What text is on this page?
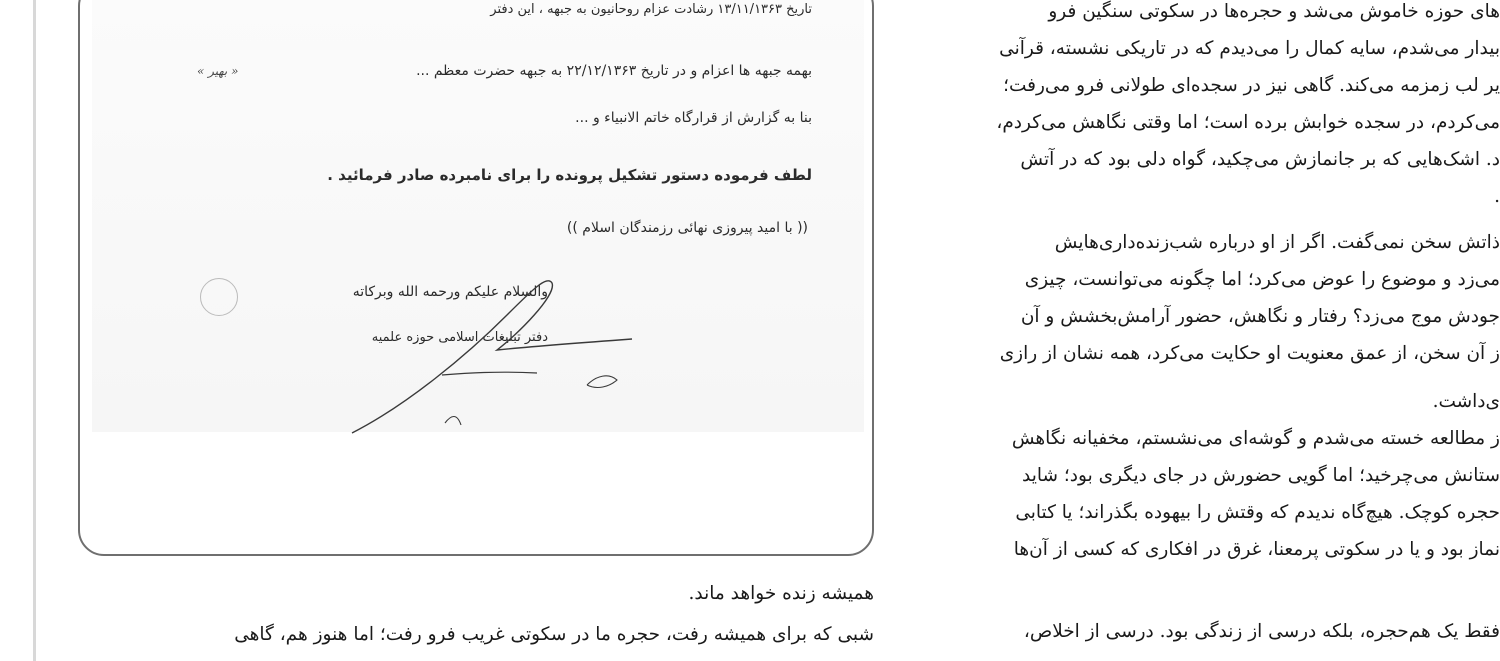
تاریخ ۱۳/۱۱/۱۳۶۳ رشادت عزام روحانیون به جبهه ، این دفتر
بهمه جبهه ها اعزام و در تاریخ ۲۲/۱۲/۱۳۶۳ به جبهه حضرت معظم ...
« بهیر »
بنا به گزارش از قرارگاه خاتم الانبیاء و ...
لطف فرموده دستور تشکیل پرونده را برای نامبرده صادر فرمائید .
(( با امید پیروزی نهائی رزمندگان اسلام ))
والسلام علیکم ورحمه الله وبرکاته
دفتر تبلیغات اسلامی حوزه علمیه
های حوزه خاموش می‌شد و حجره‌ها در سکوتی سنگین فرو
بیدار می‌شدم، سایه کمال را می‌دیدم که در تاریکی نشسته، قرآنی
یر لب زمزمه می‌کند. گاهی نیز در سجده‌ای طولانی فرو می‌رفت؛
می‌کردم، در سجده خوابش برده است؛ اما وقتی نگاهش می‌کردم،
د. اشک‌هایی که بر جانمازش می‌چکید، گواه دلی بود که در آتش
.
ذاتش سخن نمی‌گفت. اگر از او درباره شب‌زنده‌داری‌هایش
می‌زد و موضوع را عوض می‌کرد؛ اما چگونه می‌توانست، چیزی
جودش موج می‌زد؟ رفتار و نگاهش، حضور آرامش‌بخشش و آن
ز آن سخن، از عمق معنویت او حکایت می‌کرد، همه نشان از رازی
ی‌داشت.
ز مطالعه خسته می‌شدم و گوشه‌ای می‌نشستم، مخفیانه نگاهش
ستانش می‌چرخید؛ اما گویی حضورش در جای دیگری بود؛ شاید
حجره کوچک. هیچ‌گاه ندیدم که وقتش را بیهوده بگذراند؛ یا کتابی
نماز بود و یا در سکوتی پرمعنا، غرق در افکاری که کسی از آن‌ها
فقط یک هم‌حجره، بلکه درسی از زندگی بود. درسی از اخلاص،
همیشه زنده خواهد ماند.
شبی که برای همیشه رفت، حجره ما در سکوتی غریب فرو رفت؛ اما هنوز هم، گاهی
